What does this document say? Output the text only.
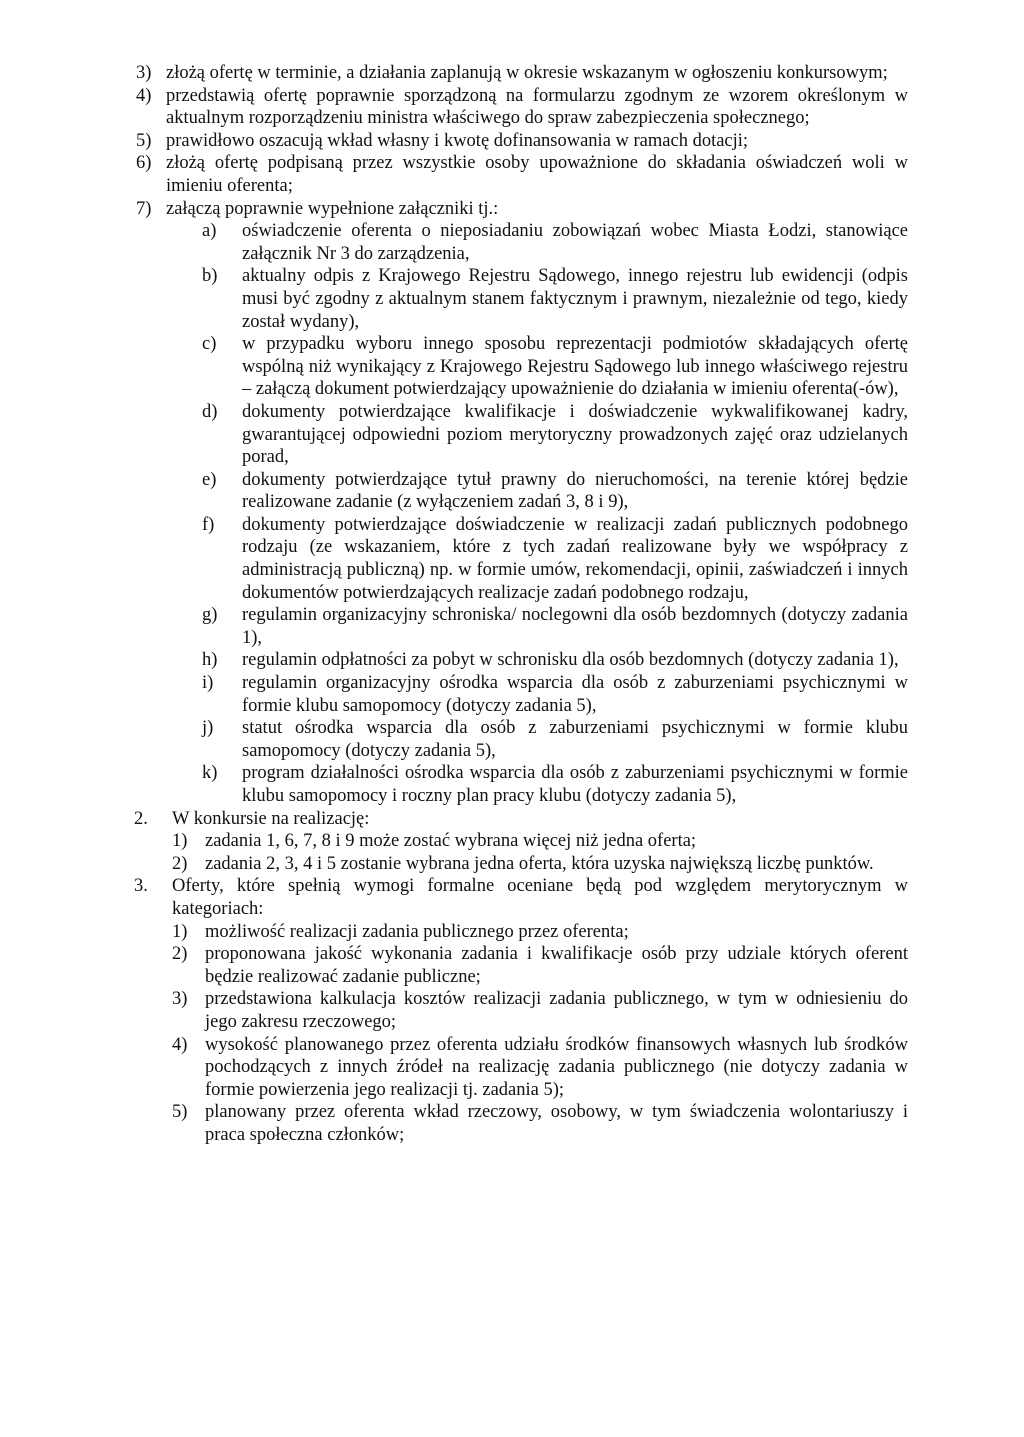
3) złożą ofertę w terminie, a działania zaplanują w okresie wskazanym w ogłoszeniu konkursowym;
4) przedstawią ofertę poprawnie sporządzoną na formularzu zgodnym ze wzorem określonym w aktualnym rozporządzeniu ministra właściwego do spraw zabezpieczenia społecznego;
5) prawidłowo oszacują wkład własny i kwotę dofinansowania w ramach dotacji;
6) złożą ofertę podpisaną przez wszystkie osoby upoważnione do składania oświadczeń woli w imieniu oferenta;
7) załączą poprawnie wypełnione załączniki tj.:
a) oświadczenie oferenta o nieposiadaniu zobowiązań wobec Miasta Łodzi, stanowiące załącznik Nr 3 do zarządzenia,
b) aktualny odpis z Krajowego Rejestru Sądowego, innego rejestru lub ewidencji (odpis musi być zgodny z aktualnym stanem faktycznym i prawnym, niezależnie od tego, kiedy został wydany),
c) w przypadku wyboru innego sposobu reprezentacji podmiotów składających ofertę wspólną niż wynikający z Krajowego Rejestru Sądowego lub innego właściwego rejestru – załączą dokument potwierdzający upoważnienie do działania w imieniu oferenta(-ów),
d) dokumenty potwierdzające kwalifikacje i doświadczenie wykwalifikowanej kadry, gwarantującej odpowiedni poziom merytoryczny prowadzonych zajęć oraz udzielanych porad,
e) dokumenty potwierdzające tytuł prawny do nieruchomości, na terenie której będzie realizowane zadanie (z wyłączeniem zadań 3, 8 i 9),
f) dokumenty potwierdzające doświadczenie w realizacji zadań publicznych podobnego rodzaju (ze wskazaniem, które z tych zadań realizowane były we współpracy z administracją publiczną) np. w formie umów, rekomendacji, opinii, zaświadczeń i innych dokumentów potwierdzających realizacje zadań podobnego rodzaju,
g) regulamin organizacyjny schroniska/ noclegowni dla osób bezdomnych (dotyczy zadania 1),
h) regulamin odpłatności za pobyt w schronisku dla osób bezdomnych (dotyczy zadania 1),
i) regulamin organizacyjny ośrodka wsparcia dla osób z zaburzeniami psychicznymi w formie klubu samopomocy (dotyczy zadania 5),
j) statut ośrodka wsparcia dla osób z zaburzeniami psychicznymi w formie klubu samopomocy (dotyczy zadania 5),
k) program działalności ośrodka wsparcia dla osób z zaburzeniami psychicznymi w formie klubu samopomocy i roczny plan pracy klubu (dotyczy zadania 5),
2. W konkursie na realizację:
1) zadania 1, 6, 7, 8 i 9 może zostać wybrana więcej niż jedna oferta;
2) zadania 2, 3, 4 i 5 zostanie wybrana jedna oferta, która uzyska największą liczbę punktów.
3. Oferty, które spełnią wymogi formalne oceniane będą pod względem merytorycznym w kategoriach:
1) możliwość realizacji zadania publicznego przez oferenta;
2) proponowana jakość wykonania zadania i kwalifikacje osób przy udziale których oferent będzie realizować zadanie publiczne;
3) przedstawiona kalkulacja kosztów realizacji zadania publicznego, w tym w odniesieniu do jego zakresu rzeczowego;
4) wysokość planowanego przez oferenta udziału środków finansowych własnych lub środków pochodzących z innych źródeł na realizację zadania publicznego (nie dotyczy zadania w formie powierzenia jego realizacji tj. zadania 5);
5) planowany przez oferenta wkład rzeczowy, osobowy, w tym świadczenia wolontariuszy i praca społeczna członków;
